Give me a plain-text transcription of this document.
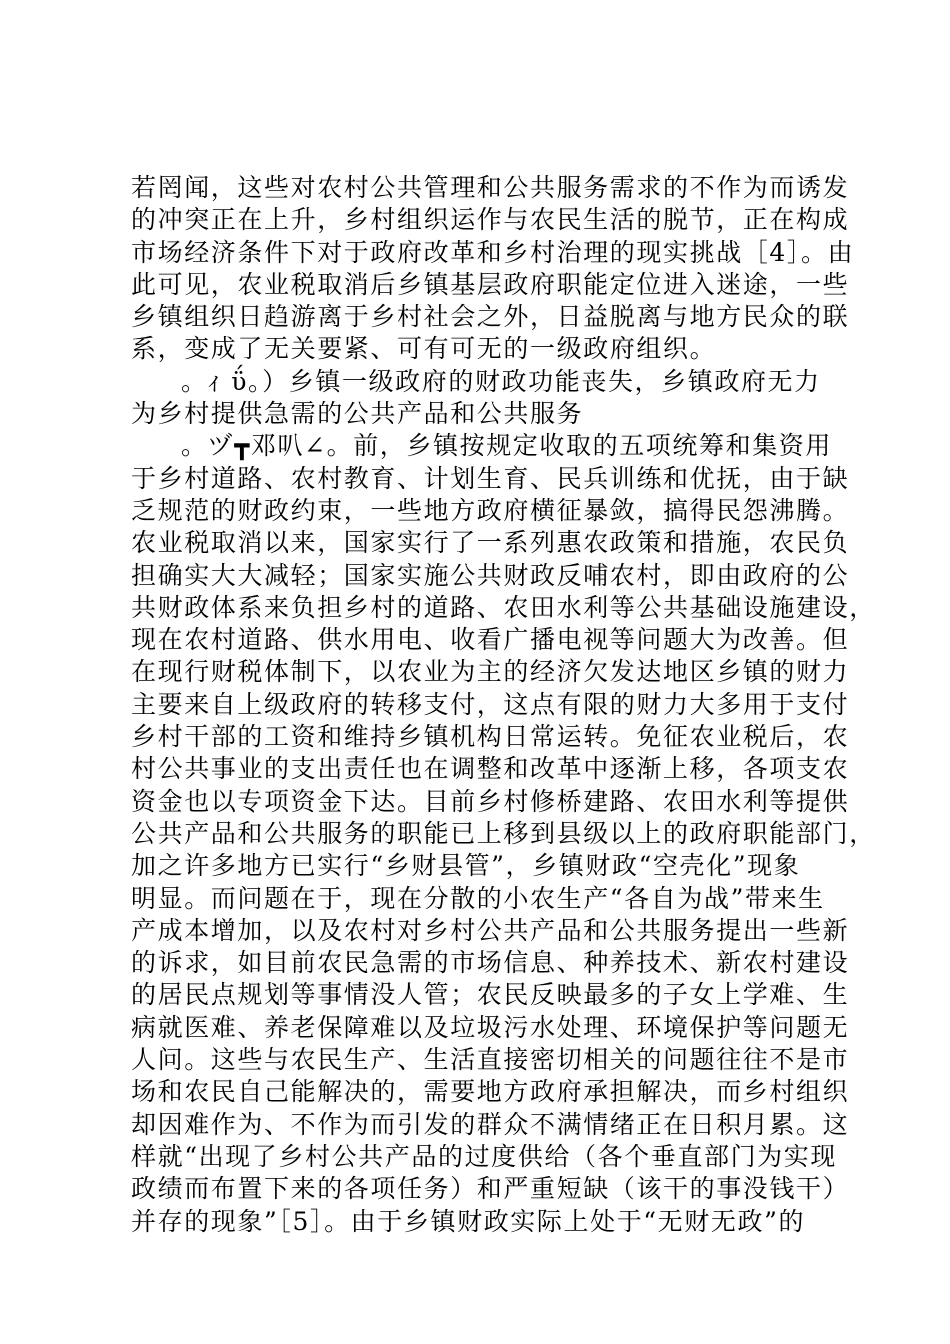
若罔闻，这些对农村公共管理和公共服务需求的不作为而诱发
的冲突正在上升，乡村组织运作与农民生活的脱节，正在构成
市场经济条件下对于政府改革和乡村治理的现实挑战［4］。由
此可见，农业税取消后乡镇基层政府职能定位进入迷途，一些
乡镇组织日趋游离于乡村社会之外，日益脱离与地方民众的联
系，变成了无关要紧、可有可无的一级政府组织。
。ｨ ΰ。）乡镇一级政府的财政功能丧失，乡镇政府无力
为乡村提供急需的公共产品和公共服务
。ヅ┳邓叭∠。前，乡镇按规定收取的五项统筹和集资用
于乡村道路、农村教育、计划生育、民兵训练和优抚，由于缺
乏规范的财政约束，一些地方政府横征暴敛，搞得民怨沸腾。
农业税取消以来，国家实行了一系列惠农政策和措施，农民负
担确实大大减轻；国家实施公共财政反哺农村，即由政府的公
共财政体系来负担乡村的道路、农田水利等公共基础设施建设，
现在农村道路、供水用电、收看广播电视等问题大为改善。但
在现行财税体制下，以农业为主的经济欠发达地区乡镇的财力
主要来自上级政府的转移支付，这点有限的财力大多用于支付
乡村干部的工资和维持乡镇机构日常运转。免征农业税后，农
村公共事业的支出责任也在调整和改革中逐渐上移，各项支农
资金也以专项资金下达。目前乡村修桥建路、农田水利等提供
公共产品和公共服务的职能已上移到县级以上的政府职能部门，
加之许多地方已实行“乡财县管”，乡镇财政“空壳化”现象
明显。而问题在于，现在分散的小农生产“各自为战”带来生
产成本增加，以及农村对乡村公共产品和公共服务提出一些新
的诉求，如目前农民急需的市场信息、种养技术、新农村建设
的居民点规划等事情没人管；农民反映最多的子女上学难、生
病就医难、养老保障难以及垃圾污水处理、环境保护等问题无
人问。这些与农民生产、生活直接密切相关的问题往往不是市
场和农民自己能解决的，需要地方政府承担解决，而乡村组织
却因难作为、不作为而引发的群众不满情绪正在日积月累。这
样就“出现了乡村公共产品的过度供给（各个垂直部门为实现
政绩而布置下来的各项任务）和严重短缺（该干的事没钱干）
并存的现象”［5］。由于乡镇财政实际上处于“无财无政”的
